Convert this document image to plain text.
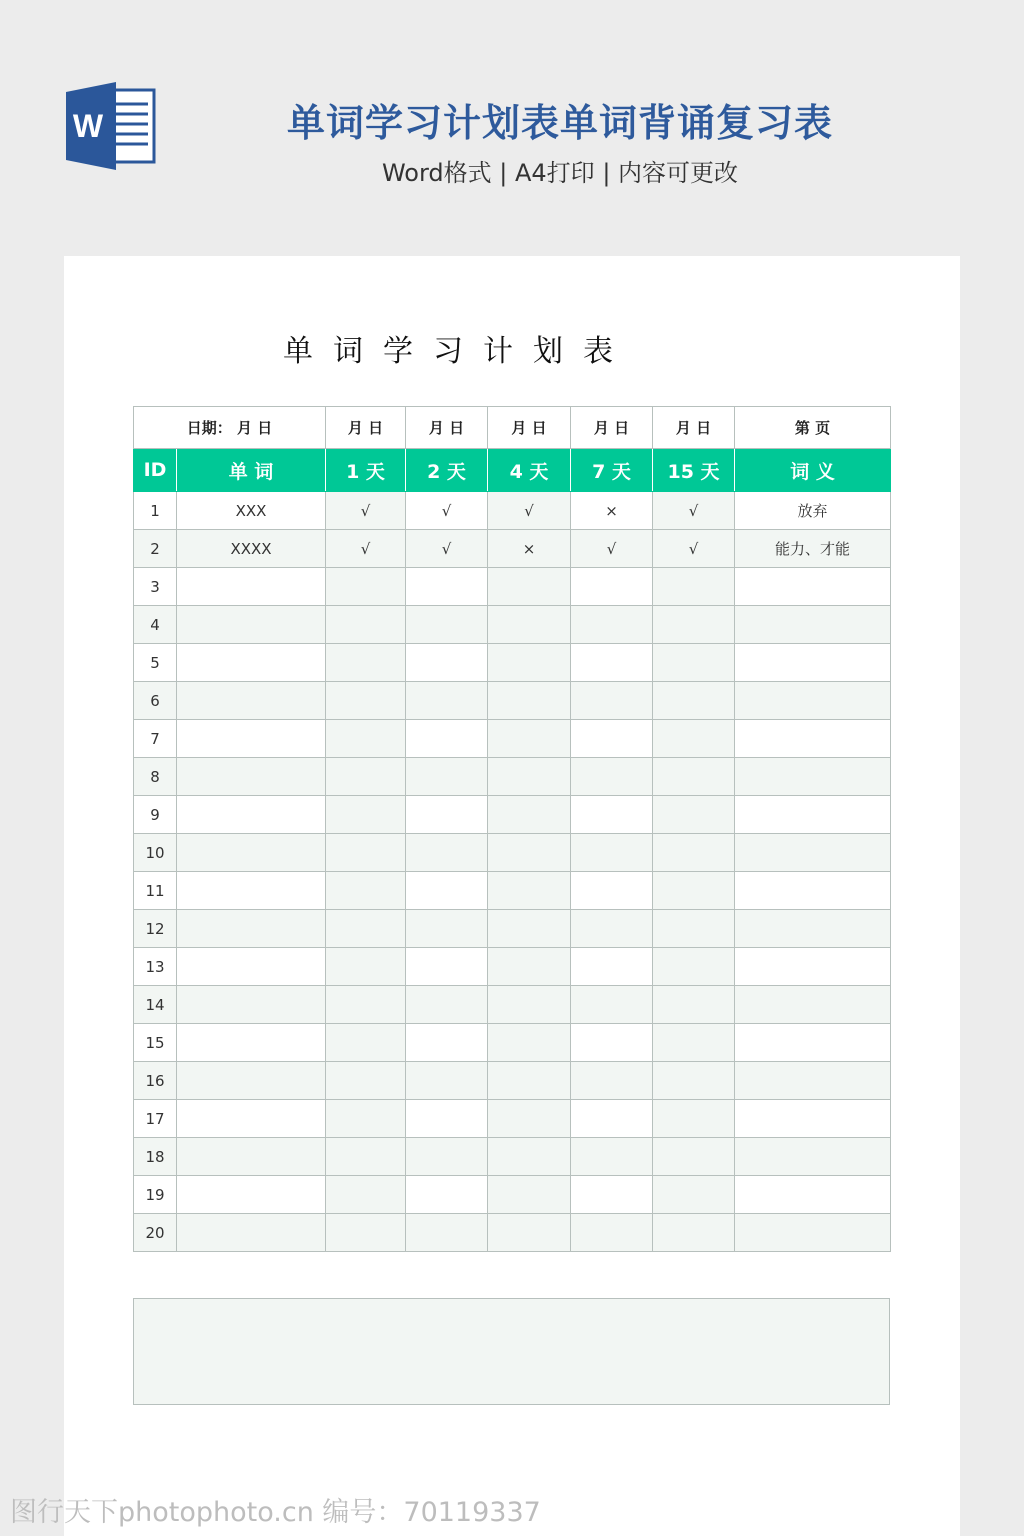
W	单词学习计划表单词背诵复习表
Word格式 | A4打印 | 内容可更改
单词学习计划表
日期： 月 日		月 日	月 日	月 日	月 日	月 日	第 页
ID	单 词	1 天	2 天	4 天	7 天	15 天	词 义
1	XXX	√	√	√	×	√	放弃
2	XXXX	√	√	×	√	√	能力、才能
3							
4							
5							
6							
7							
8							
9							
10							
11							
12							
13							
14							
15							
16							
17							
18							
19							
20							
图行天下photophoto.cn 编号：70119337
